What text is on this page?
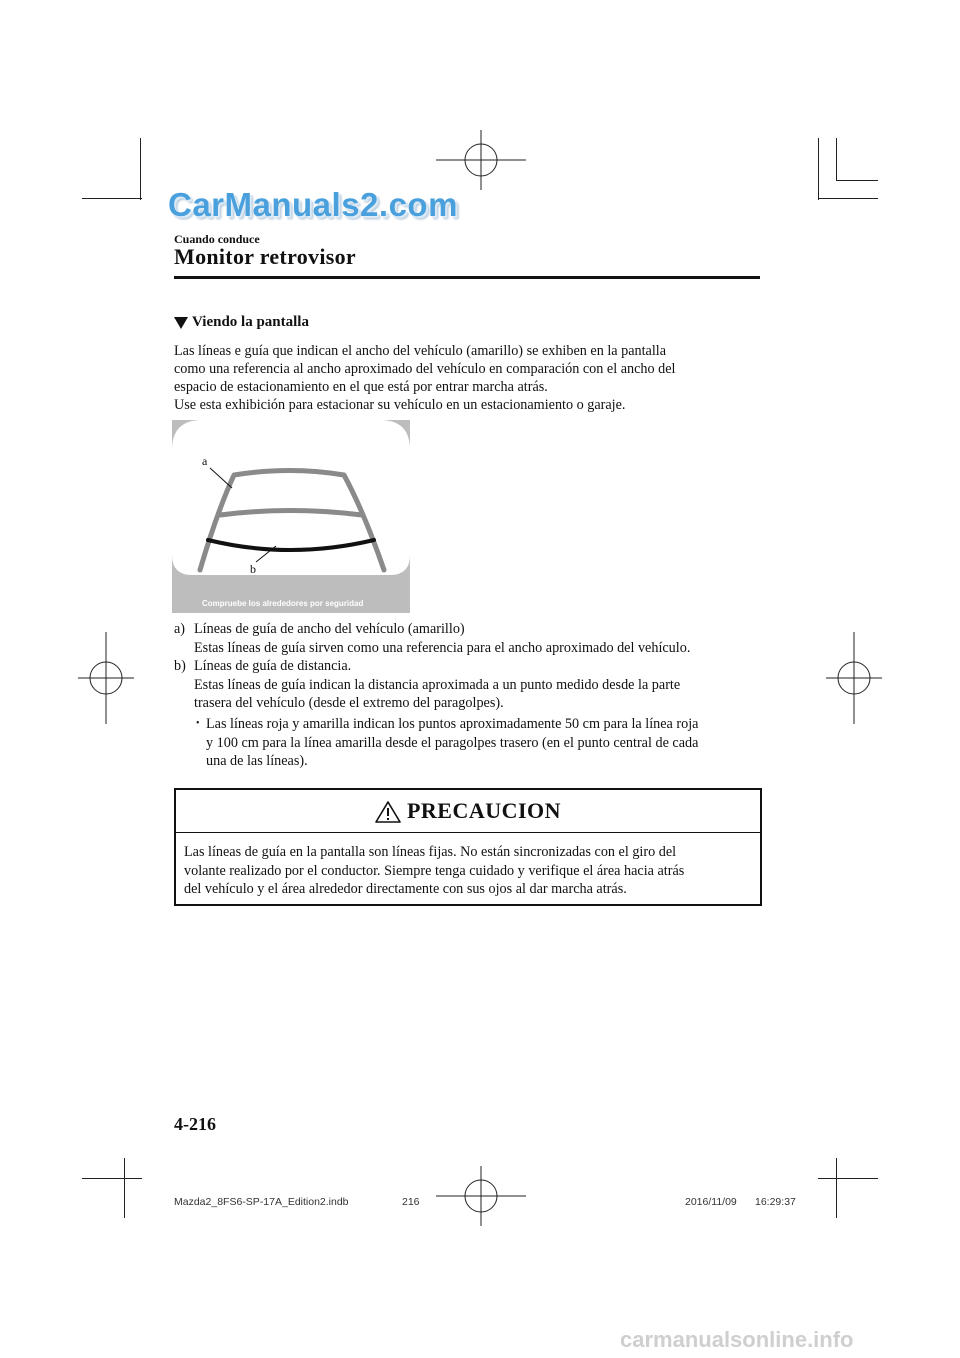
CarManuals2.com
Cuando conduce
Monitor retrovisor
Viendo la pantalla

Las líneas e guía que indican el ancho del vehículo (amarillo) se exhiben en la pantalla

como una referencia al ancho aproximado del vehículo en comparación con el ancho del

espacio de estacionamiento en el que está por entrar marcha atrás.

Use esta exhibición para estacionar su vehículo en un estacionamiento o garaje.

a
b
Compruebe los alrededores por seguridad
a) Líneas de guía de ancho del vehículo (amarillo)
Estas líneas de guía sirven como una referencia para el ancho aproximado del vehículo.
b) Líneas de guía de distancia.
Estas líneas de guía indican la distancia aproximada a un punto medido desde la parte
trasera del vehículo (desde el extremo del paragolpes).
• Las líneas roja y amarilla indican los puntos aproximadamente 50 cm para la línea roja
y 100 cm para la línea amarilla desde el paragolpes trasero (en el punto central de cada
una de las líneas).
PRECAUCION
Las líneas de guía en la pantalla son líneas fijas. No están sincronizadas con el giro del
volante realizado por el conductor. Siempre tenga cuidado y verifique el área hacia atrás
del vehículo y el área alrededor directamente con sus ojos al dar marcha atrás.
4-216
Mazda2_8FS6-SP-17A_Edition2.indb	216	2016/11/09 16:29:37
carmanualsonline.info
